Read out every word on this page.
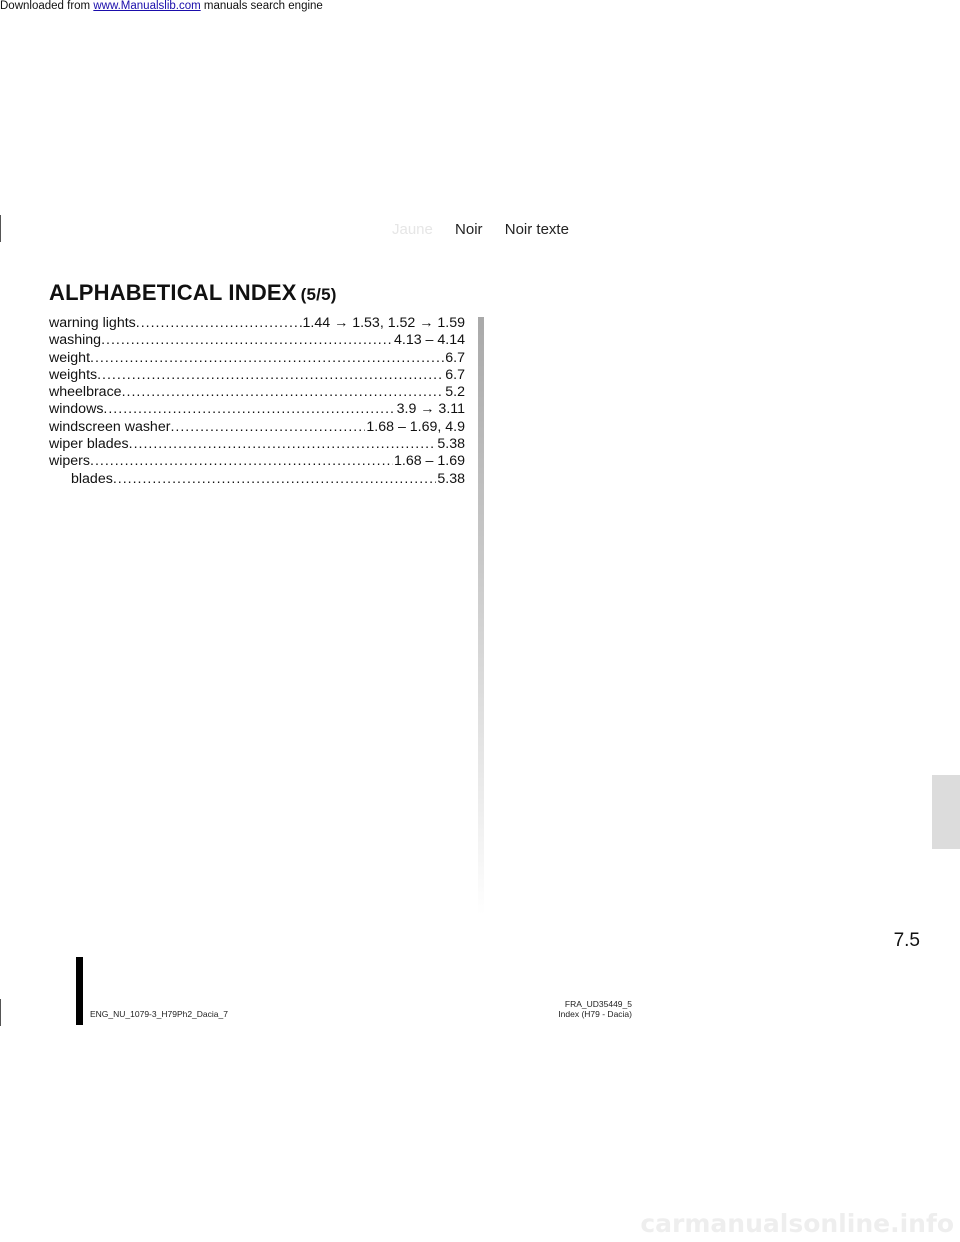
Downloaded from www.Manualslib.com manuals search engine
Jaune Noir Noir texte
ALPHABETICAL INDEX (5/5)
warning lights .....	1.44 → 1.53, 1.52 → 1.59
washing .....	4.13 – 4.14
weight .....	6.7
weights .....	6.7
wheelbrace .....	5.2
windows .....	3.9 → 3.11
windscreen washer .....	1.68 – 1.69, 4.9
wiper blades .....	5.38
wipers .....	1.68 – 1.69
blades .....	5.38
7.5
ENG_NU_1079-3_H79Ph2_Dacia_7
FRA_UD35449_5
Index (H79 - Dacia)
carmanualsonline.info
